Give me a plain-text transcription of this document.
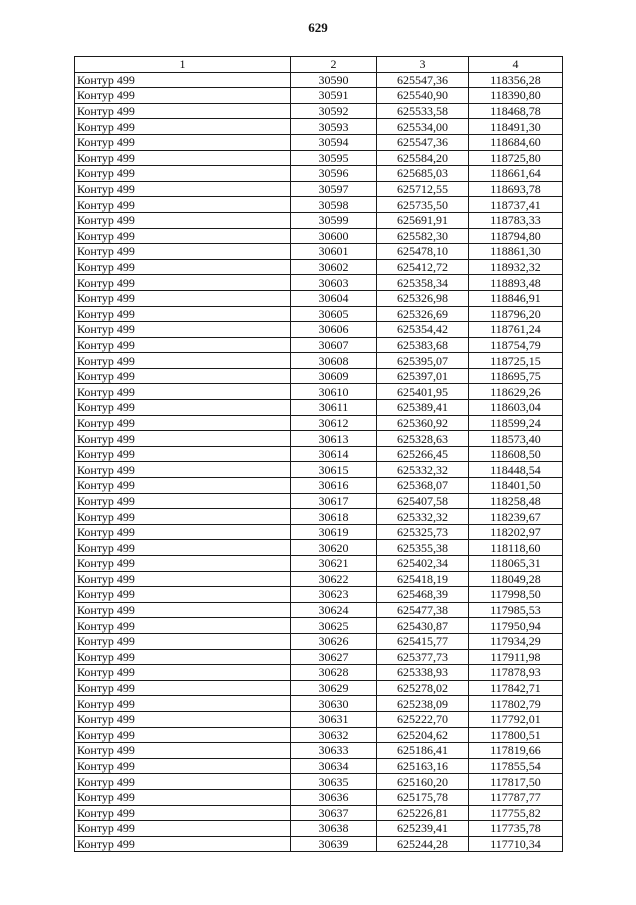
629
1	2	3	4
Контур 499	30590	625547,36	118356,28
Контур 499	30591	625540,90	118390,80
Контур 499	30592	625533,58	118468,78
Контур 499	30593	625534,00	118491,30
Контур 499	30594	625547,36	118684,60
Контур 499	30595	625584,20	118725,80
Контур 499	30596	625685,03	118661,64
Контур 499	30597	625712,55	118693,78
Контур 499	30598	625735,50	118737,41
Контур 499	30599	625691,91	118783,33
Контур 499	30600	625582,30	118794,80
Контур 499	30601	625478,10	118861,30
Контур 499	30602	625412,72	118932,32
Контур 499	30603	625358,34	118893,48
Контур 499	30604	625326,98	118846,91
Контур 499	30605	625326,69	118796,20
Контур 499	30606	625354,42	118761,24
Контур 499	30607	625383,68	118754,79
Контур 499	30608	625395,07	118725,15
Контур 499	30609	625397,01	118695,75
Контур 499	30610	625401,95	118629,26
Контур 499	30611	625389,41	118603,04
Контур 499	30612	625360,92	118599,24
Контур 499	30613	625328,63	118573,40
Контур 499	30614	625266,45	118608,50
Контур 499	30615	625332,32	118448,54
Контур 499	30616	625368,07	118401,50
Контур 499	30617	625407,58	118258,48
Контур 499	30618	625332,32	118239,67
Контур 499	30619	625325,73	118202,97
Контур 499	30620	625355,38	118118,60
Контур 499	30621	625402,34	118065,31
Контур 499	30622	625418,19	118049,28
Контур 499	30623	625468,39	117998,50
Контур 499	30624	625477,38	117985,53
Контур 499	30625	625430,87	117950,94
Контур 499	30626	625415,77	117934,29
Контур 499	30627	625377,73	117911,98
Контур 499	30628	625338,93	117878,93
Контур 499	30629	625278,02	117842,71
Контур 499	30630	625238,09	117802,79
Контур 499	30631	625222,70	117792,01
Контур 499	30632	625204,62	117800,51
Контур 499	30633	625186,41	117819,66
Контур 499	30634	625163,16	117855,54
Контур 499	30635	625160,20	117817,50
Контур 499	30636	625175,78	117787,77
Контур 499	30637	625226,81	117755,82
Контур 499	30638	625239,41	117735,78
Контур 499	30639	625244,28	117710,34
